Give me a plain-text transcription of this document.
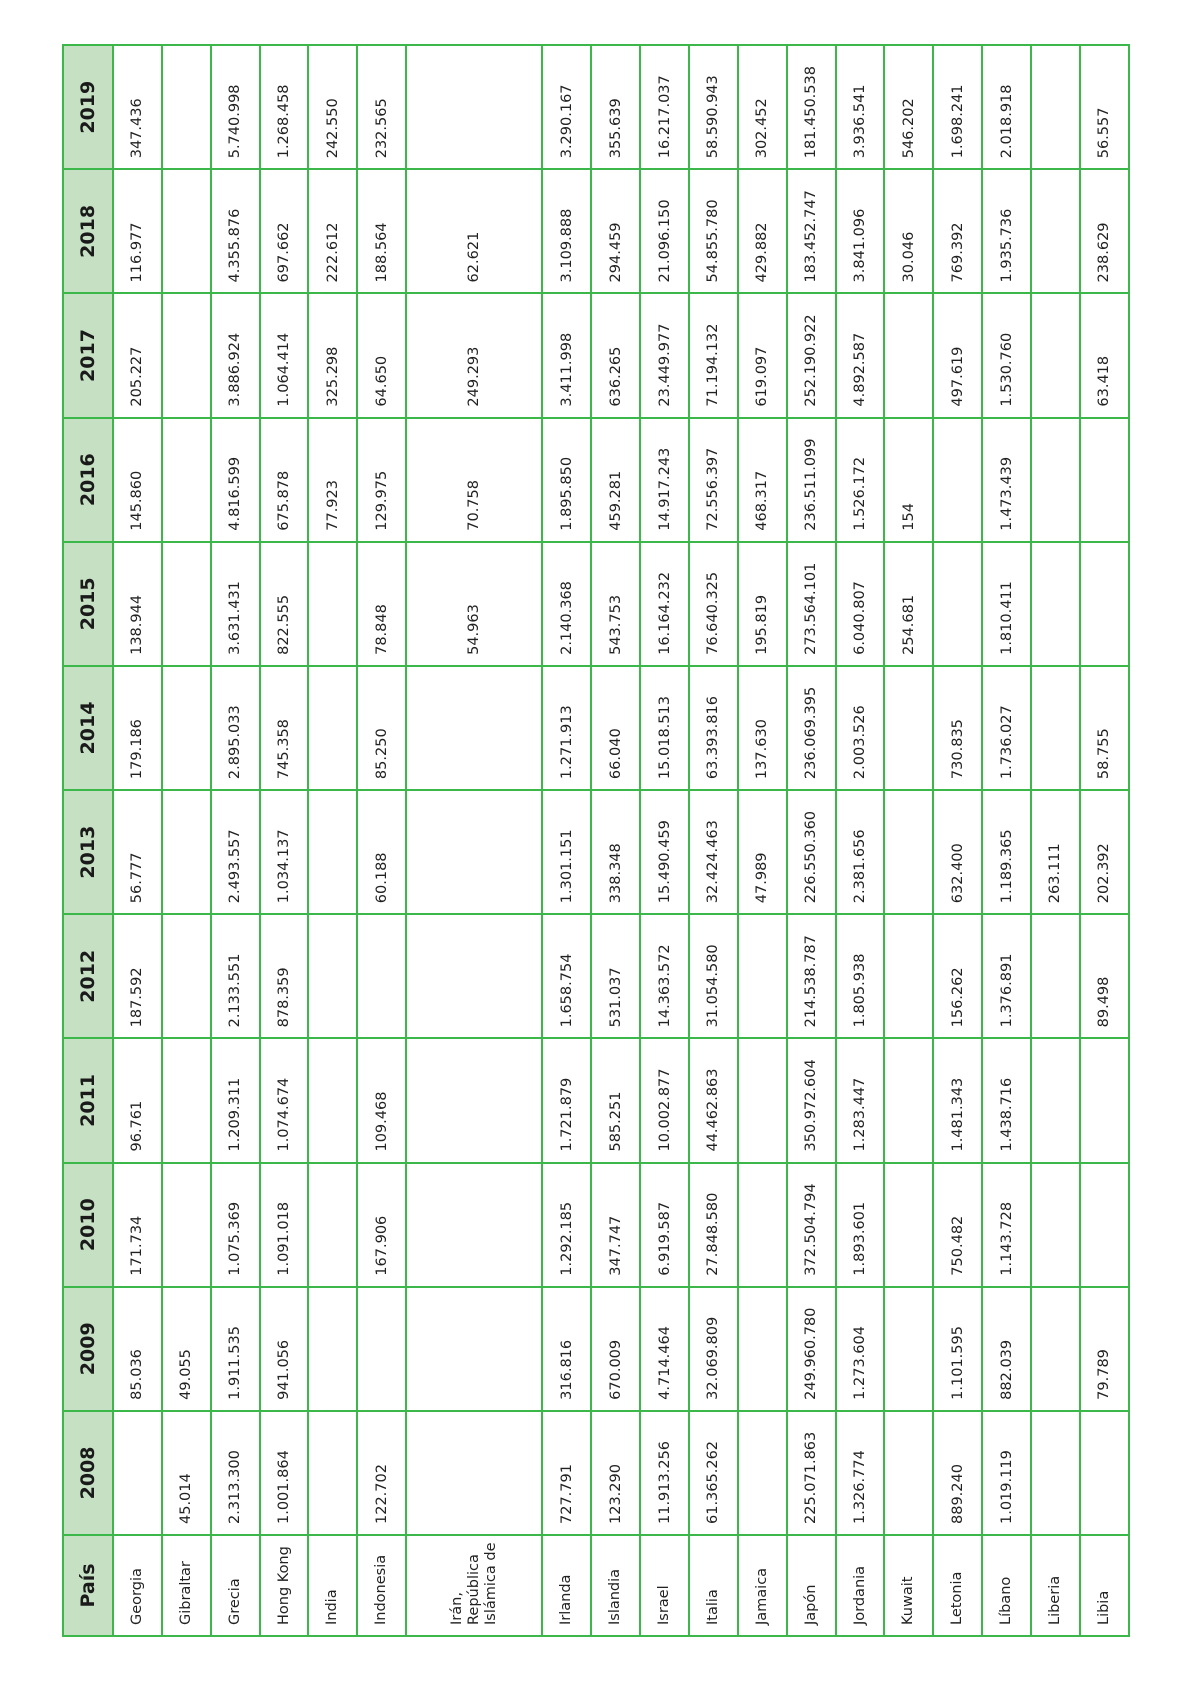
País	2008	2009	2010	2011	2012	2013	2014	2015	2016	2017	2018	2019
Georgia		85.036	171.734	96.761	187.592	56.777	179.186	138.944	145.860	205.227	116.977	347.436
Gibraltar	45.014	49.055										
Grecia	2.313.300	1.911.535	1.075.369	1.209.311	2.133.551	2.493.557	2.895.033	3.631.431	4.816.599	3.886.924	4.355.876	5.740.998
Hong Kong	1.001.864	941.056	1.091.018	1.074.674	878.359	1.034.137	745.358	822.555	675.878	1.064.414	697.662	1.268.458
India									77.923	325.298	222.612	242.550
Indonesia	122.702		167.906	109.468		60.188	85.250	78.848	129.975	64.650	188.564	232.565
Irán, República Islámica de								54.963	70.758	249.293	62.621	
Irlanda	727.791	316.816	1.292.185	1.721.879	1.658.754	1.301.151	1.271.913	2.140.368	1.895.850	3.411.998	3.109.888	3.290.167
Islandia	123.290	670.009	347.747	585.251	531.037	338.348	66.040	543.753	459.281	636.265	294.459	355.639
Israel	11.913.256	4.714.464	6.919.587	10.002.877	14.363.572	15.490.459	15.018.513	16.164.232	14.917.243	23.449.977	21.096.150	16.217.037
Italia	61.365.262	32.069.809	27.848.580	44.462.863	31.054.580	32.424.463	63.393.816	76.640.325	72.556.397	71.194.132	54.855.780	58.590.943
Jamaica						47.989	137.630	195.819	468.317	619.097	429.882	302.452
Japón	225.071.863	249.960.780	372.504.794	350.972.604	214.538.787	226.550.360	236.069.395	273.564.101	236.511.099	252.190.922	183.452.747	181.450.538
Jordania	1.326.774	1.273.604	1.893.601	1.283.447	1.805.938	2.381.656	2.003.526	6.040.807	1.526.172	4.892.587	3.841.096	3.936.541
Kuwait								254.681	154		30.046	546.202
Letonia	889.240	1.101.595	750.482	1.481.343	156.262	632.400	730.835			497.619	769.392	1.698.241
Líbano	1.019.119	882.039	1.143.728	1.438.716	1.376.891	1.189.365	1.736.027	1.810.411	1.473.439	1.530.760	1.935.736	2.018.918
Liberia						263.111						
Libia		79.789			89.498	202.392	58.755			63.418	238.629	56.557
